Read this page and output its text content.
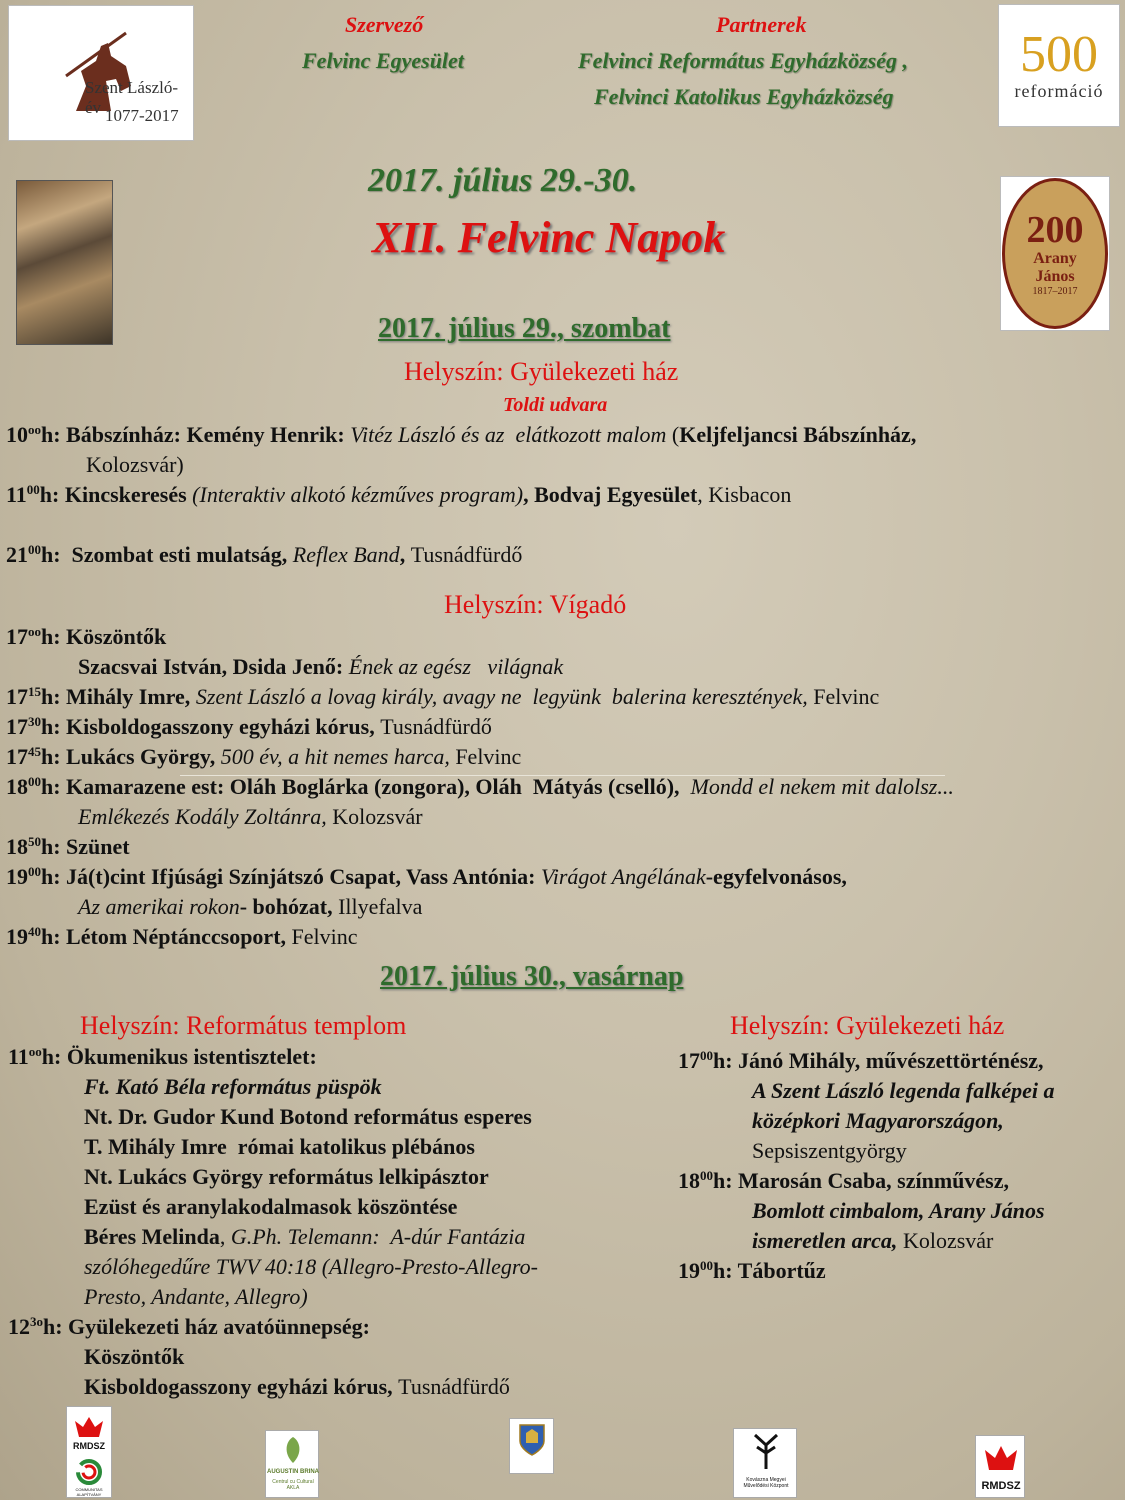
Szent László-év 1077-2017
500
reformáció
Szervező
Felvinc Egyesület
Partnerek
Felvinci Református Egyházközség ,
Felvinci Katolikus Egyházközség
200
Arany János
1817–2017
2017. július 29.-30.
XII. Felvinc Napok
2017. július 29., szombat
Helyszín: Gyülekezeti ház
Toldi udvara
$10^{oo}h$: Bábszínház: Kemény Henrik: Vitéz László és az  elátkozott malom (Keljfeljancsi Bábszínház,
Kolozsvár)
$11^{00}h$: Kincskeresés (Interaktiv alkotó kézműves program), Bodvaj Egyesület, Kisbacon
$21^{00}h$:  Szombat esti mulatság, Reflex Band, Tusnádfürdő
Helyszín: Vígadó
$17^{oo}h$: Köszöntők
Szacsvai István, Dsida Jenő: Ének az egész   világnak
$17^{15}h$: Mihály Imre, Szent László a lovag király, avagy ne  legyünk  balerina keresztények, Felvinc
$17^{30}h$: Kisboldogasszony egyházi kórus, Tusnádfürdő
$17^{45}h$: Lukács György, 500 év, a hit nemes harca, Felvinc
$18^{00}h$: Kamarazene est: Oláh Boglárka (zongora), Oláh  Mátyás (cselló),  Mondd el nekem mit dalolsz...
Emlékezés Kodály Zoltánra, Kolozsvár
$18^{50}h$: Szünet
$19^{00}h$: Já(t)cint Ifjúsági Színjátszó Csapat, Vass Antónia: Virágot Angélának-egyfelvonásos,
Az amerikai rokon- bohózat, Illyefalva
$19^{40}h$: Létom Néptánccsoport, Felvinc
2017. július 30., vasárnap
Helyszín: Református templom	Helyszín: Gyülekezeti ház
$11^{oo}h$: Ökumenikus istentisztelet:
Ft. Kató Béla református püspök
Nt. Dr. Gudor Kund Botond református esperes
T. Mihály Imre  római katolikus plébános
Nt. Lukács György református lelkipásztor
Ezüst és aranylakodalmasok köszöntése
Béres Melinda, G.Ph. Telemann:  A-dúr Fantázia
szólóhegedűre TWV 40:18 (Allegro-Presto-Allegro-
Presto, Andante, Allegro)
$12^{3o}h$: Gyülekezeti ház avatóünnepség:
Köszöntők
Kisboldogasszony egyházi kórus, Tusnádfürdő
$17^{00}h$: Jánó Mihály, művészettörténész,
A Szent László legenda falképei a
középkori Magyarországon,
Sepsiszentgyörgy
$18^{00}h$: Marosán Csaba, színművész,
Bomlott cimbalom, Arany János
ismeretlen arca, Kolozsvár
$19^{00}h$: Tábortűz
RMDSZ
COMMUNITAS ALAPÍTVÁNY
AUGUSTIN BRINA
Centrul cu Cultural AKLA
Kovászna Megyei Művelődési Központ	RMDSZ
